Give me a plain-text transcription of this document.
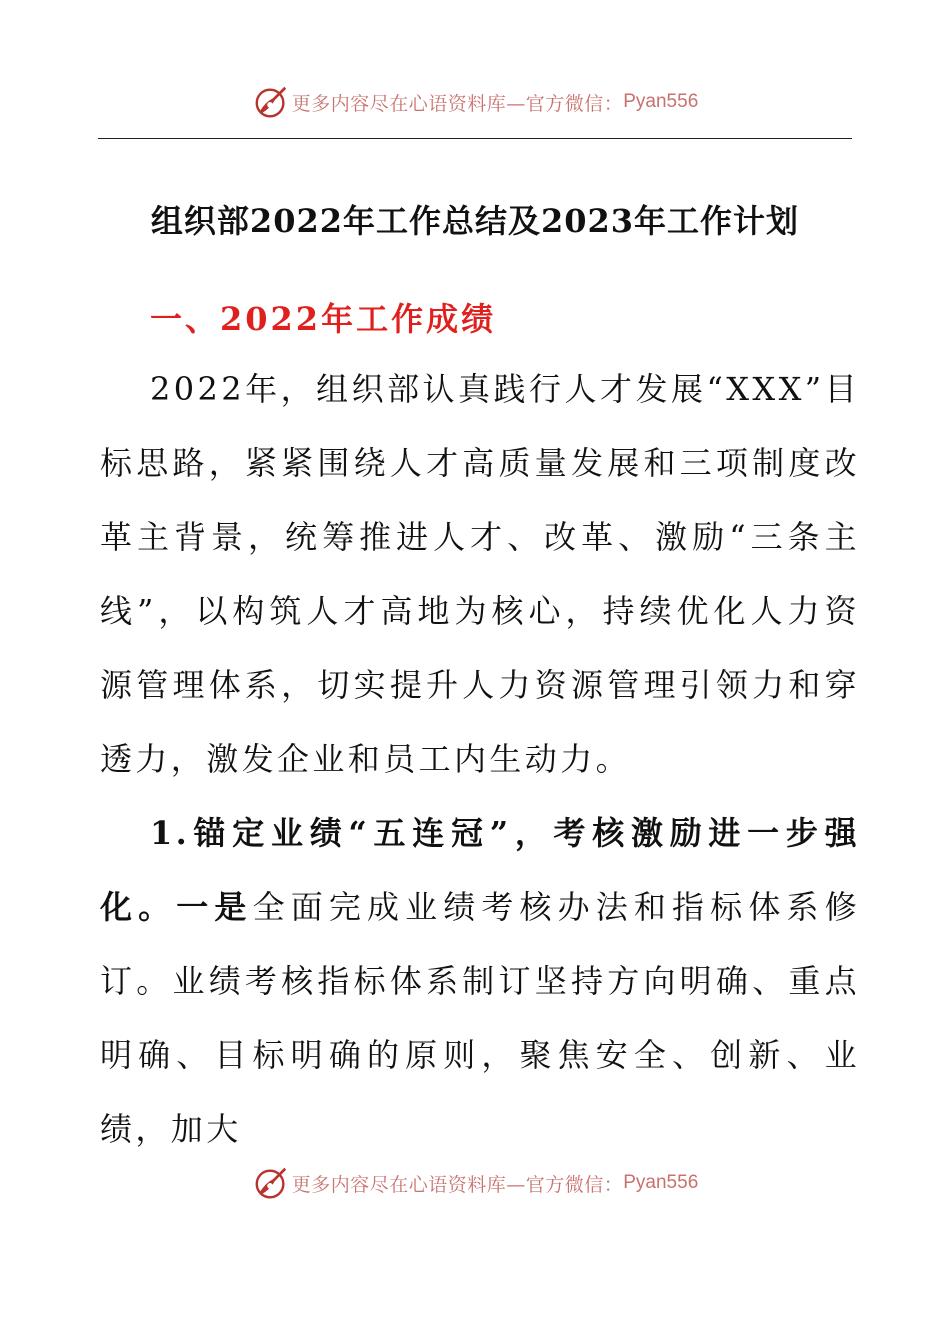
更多内容尽在心语资料库—官方微信： Pyan556
组织部2022年工作总结及2023年工作计划
一、2022年工作成绩

2022年，组织部认真践行人才发展“XXX”目标思路，紧紧围绕人才高质量发展和三项制度改革主背景，统筹推进人才、改革、激励“三条主线”，以构筑人才高地为核心，持续优化人力资源管理体系，切实提升人力资源管理引领力和穿透力，激发企业和员工内生动力。

1.锚定业绩“五连冠”，考核激励进一步强化。一是全面完成业绩考核办法和指标体系修订。业绩考核指标体系制订坚持方向明确、重点明确、目标明确的原则，聚焦安全、创新、业绩，加大

更多内容尽在心语资料库—官方微信： Pyan556
